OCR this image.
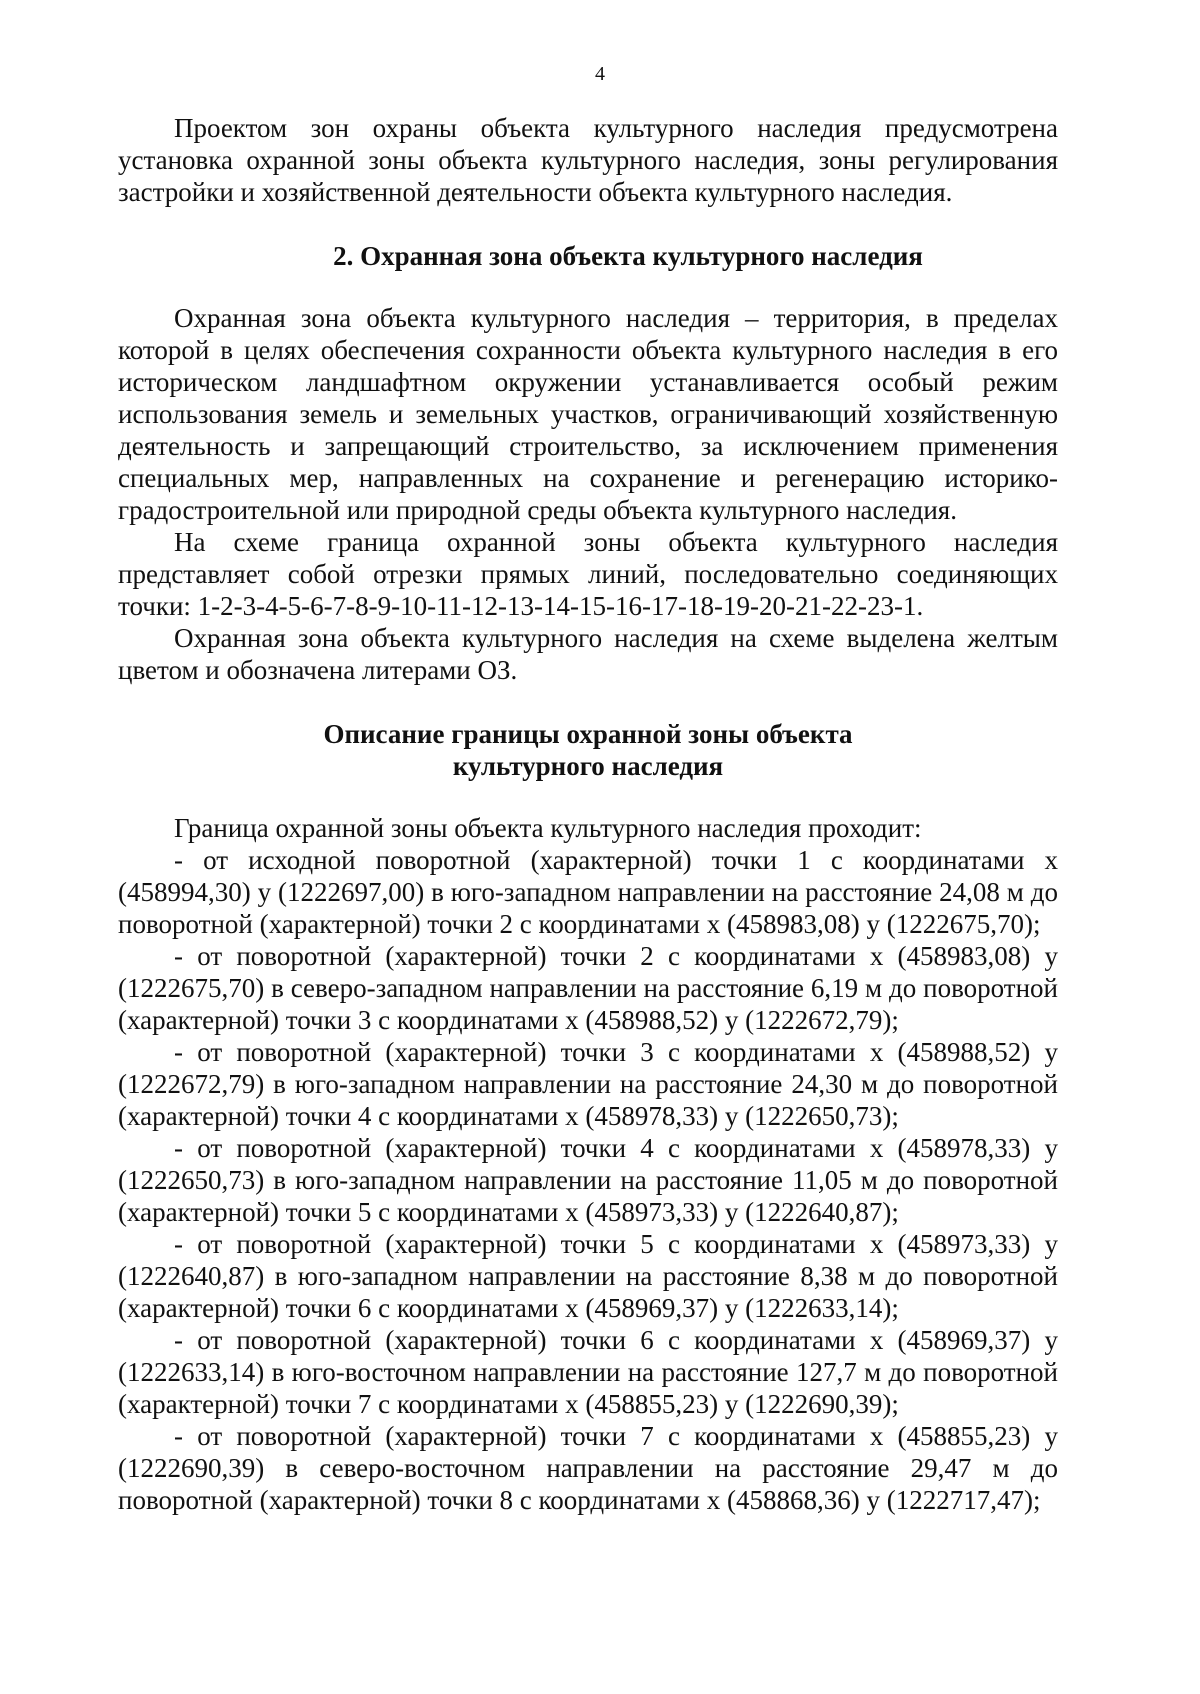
4

Проектом зон охраны объекта культурного наследия предусмотрена установка охранной зоны объекта культурного наследия, зоны регулирования застройки и хозяйственной деятельности объекта культурного наследия.

2. Охранная зона объекта культурного наследия

Охранная зона объекта культурного наследия – территория, в пределах которой в целях обеспечения сохранности объекта культурного наследия в его историческом ландшафтном окружении устанавливается особый режим использования земель и земельных участков, ограничивающий хозяйственную деятельность и запрещающий строительство, за исключением применения специальных мер, направленных на сохранение и регенерацию историко-градостроительной или природной среды объекта культурного наследия.

На схеме граница охранной зоны объекта культурного наследия представляет собой отрезки прямых линий, последовательно соединяющих точки: 1-2-3-4-5-6-7-8-9-10-11-12-13-14-15-16-17-18-19-20-21-22-23-1.

Охранная зона объекта культурного наследия на схеме выделена желтым цветом и обозначена литерами ОЗ.

Описание границы охранной зоны объекта
культурного наследия

Граница охранной зоны объекта культурного наследия проходит:

- от исходной поворотной (характерной) точки 1 с координатами x (458994,30) y (1222697,00) в юго-западном направлении на расстояние 24,08 м до поворотной (характерной) точки 2 с координатами x (458983,08) y (1222675,70);

- от поворотной (характерной) точки 2 с координатами x (458983,08) y (1222675,70) в северо-западном направлении на расстояние 6,19 м до поворотной (характерной) точки 3 с координатами x (458988,52) y (1222672,79);

- от поворотной (характерной) точки 3 с координатами x (458988,52) y (1222672,79) в юго-западном направлении на расстояние 24,30 м до поворотной (характерной) точки 4 с координатами x (458978,33) y (1222650,73);

- от поворотной (характерной) точки 4 с координатами x (458978,33) y (1222650,73) в юго-западном направлении на расстояние 11,05 м до поворотной (характерной) точки 5 с координатами x (458973,33) y (1222640,87);

- от поворотной (характерной) точки 5 с координатами x (458973,33) y (1222640,87) в юго-западном направлении на расстояние 8,38 м до поворотной (характерной) точки 6 с координатами x (458969,37) y (1222633,14);

- от поворотной (характерной) точки 6 с координатами x (458969,37) y (1222633,14) в юго-восточном направлении на расстояние 127,7 м до поворотной (характерной) точки 7 с координатами x (458855,23) y (1222690,39);

- от поворотной (характерной) точки 7 с координатами x (458855,23) y (1222690,39) в северо-восточном направлении на расстояние 29,47 м до поворотной (характерной) точки 8 с координатами x (458868,36) y (1222717,47);
